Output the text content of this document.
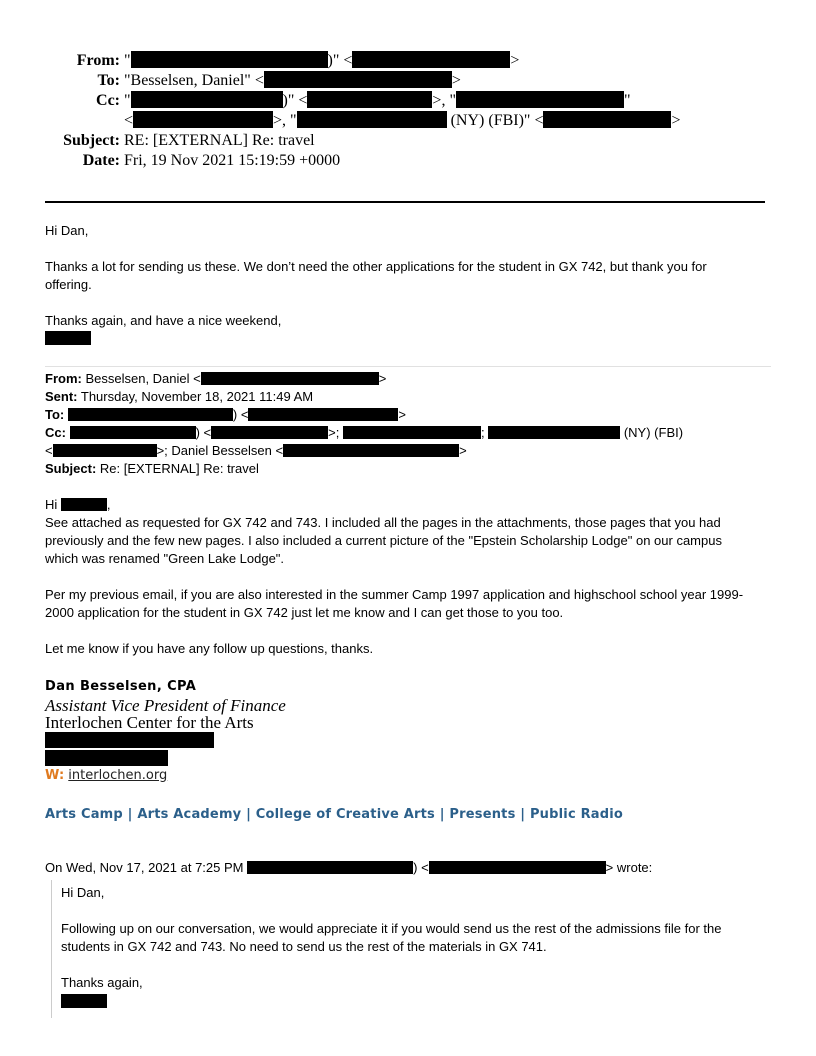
From: "	)" <	>
To: "Besselsen, Daniel" <	>
Cc: "	)" <	>, "	"
<	>, "	(NY) (FBI)" <	>
Subject: RE: [EXTERNAL] Re: travel
Date: Fri, 19 Nov 2021 15:19:59 +0000
Hi Dan,
Thanks a lot for sending us these. We don’t need the other applications for the student in GX 742, but thank you for
offering.
Thanks again, and have a nice weekend,
From: Besselsen, Daniel <	>
Sent: Thursday, November 18, 2021 11:49 AM
To:	) <	>
Cc:	) <	>;	;	(NY) (FBI)
<	>; Daniel Besselsen <	>
Subject: Re: [EXTERNAL] Re: travel
Hi	,
See attached as requested for GX 742 and 743. I included all the pages in the attachments, those pages that you had
previously and the few new pages. I also included a current picture of the "Epstein Scholarship Lodge" on our campus
which was renamed "Green Lake Lodge".
Per my previous email, if you are also interested in the summer Camp 1997 application and highschool school year 1999-
2000 application for the student in GX 742 just let me know and I can get those to you too.
Let me know if you have any follow up questions, thanks.
Dan Besselsen, CPA
Assistant Vice President of Finance
Interlochen Center for the Arts
W: interlochen.org
Arts Camp | Arts Academy | College of Creative Arts | Presents | Public Radio
On Wed, Nov 17, 2021 at 7:25 PM	) <	> wrote:
Hi Dan,
Following up on our conversation, we would appreciate it if you would send us the rest of the admissions file for the
students in GX 742 and 743. No need to send us the rest of the materials in GX 741.
Thanks again,
